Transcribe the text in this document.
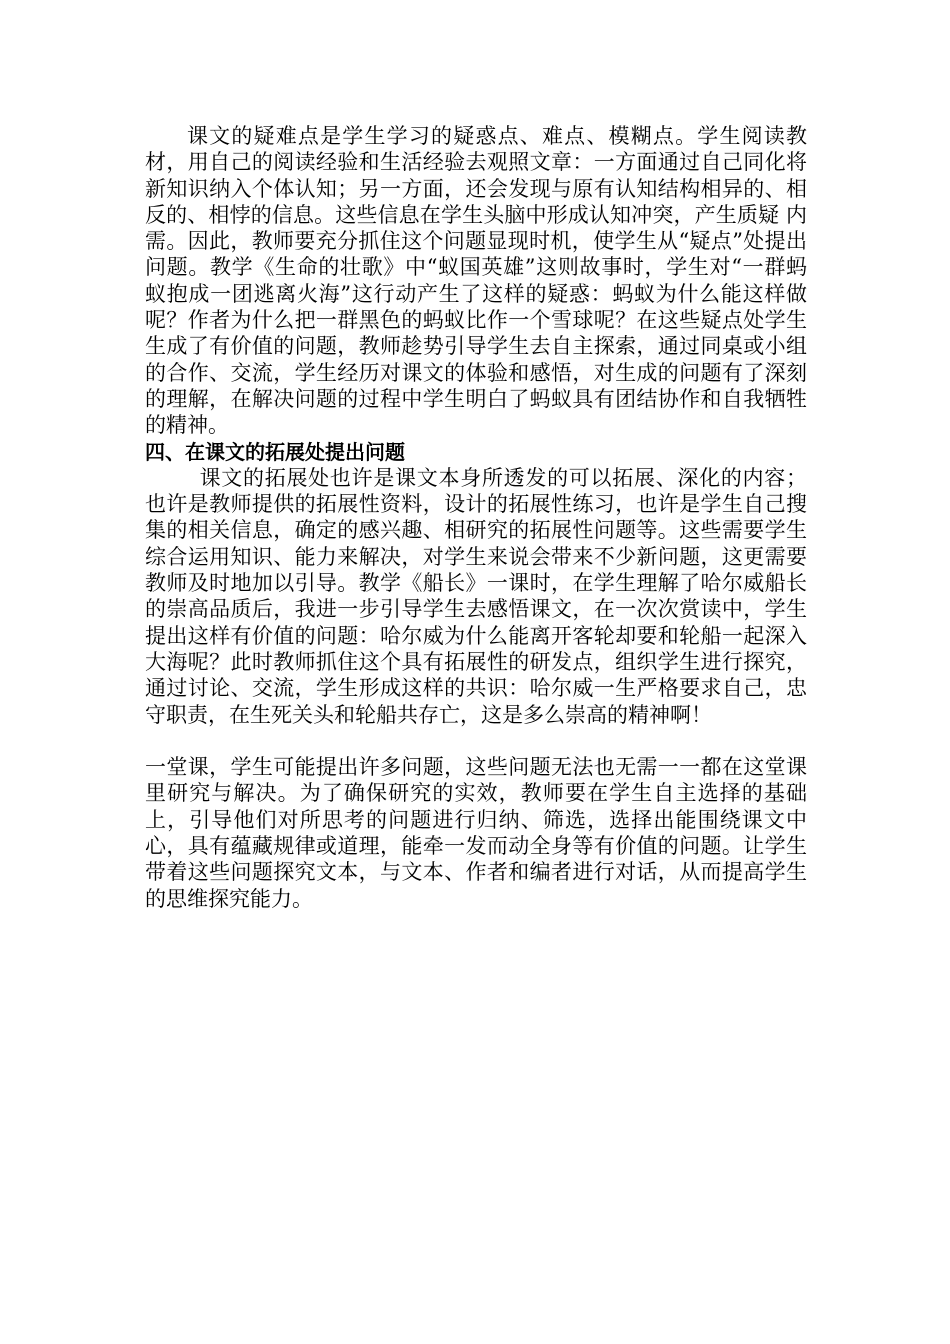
课文的疑难点是学生学习的疑惑点、难点、模糊点。学生阅读教材，用自己的阅读经验和生活经验去观照文章：一方面通过自己同化将新知识纳入个体认知；另一方面，还会发现与原有认知结构相异的、相反的、相悖的信息。这些信息在学生头脑中形成认知冲突，产生质疑 内需。因此，教师要充分抓住这个问题显现时机，使学生从“疑点”处提出问题。教学《生命的壮歌》中“蚁国英雄”这则故事时，学生对“一群蚂蚁抱成一团逃离火海”这行动产生了这样的疑惑：蚂蚁为什么能这样做呢？作者为什么把一群黑色的蚂蚁比作一个雪球呢？在这些疑点处学生生成了有价值的问题，教师趁势引导学生去自主探索，通过同桌或小组的合作、交流，学生经历对课文的体验和感悟，对生成的问题有了深刻的理解，在解决问题的过程中学生明白了蚂蚁具有团结协作和自我牺牲的精神。

四、在课文的拓展处提出问题

课文的拓展处也许是课文本身所透发的可以拓展、深化的内容；也许是教师提供的拓展性资料，设计的拓展性练习，也许是学生自己搜集的相关信息，确定的感兴趣、相研究的拓展性问题等。这些需要学生综合运用知识、能力来解决，对学生来说会带来不少新问题，这更需要教师及时地加以引导。教学《船长》一课时，在学生理解了哈尔威船长的崇高品质后，我进一步引导学生去感悟课文，在一次次赏读中，学生提出这样有价值的问题：哈尔威为什么能离开客轮却要和轮船一起深入大海呢？此时教师抓住这个具有拓展性的研发点，组织学生进行探究，通过讨论、交流，学生形成这样的共识：哈尔威一生严格要求自己，忠守职责，在生死关头和轮船共存亡，这是多么崇高的精神啊！

一堂课，学生可能提出许多问题，这些问题无法也无需一一都在这堂课里研究与解决。为了确保研究的实效，教师要在学生自主选择的基础上，引导他们对所思考的问题进行归纳、筛选，选择出能围绕课文中心，具有蕴藏规律或道理，能牵一发而动全身等有价值的问题。让学生带着这些问题探究文本，与文本、作者和编者进行对话，从而提高学生的思维探究能力。
